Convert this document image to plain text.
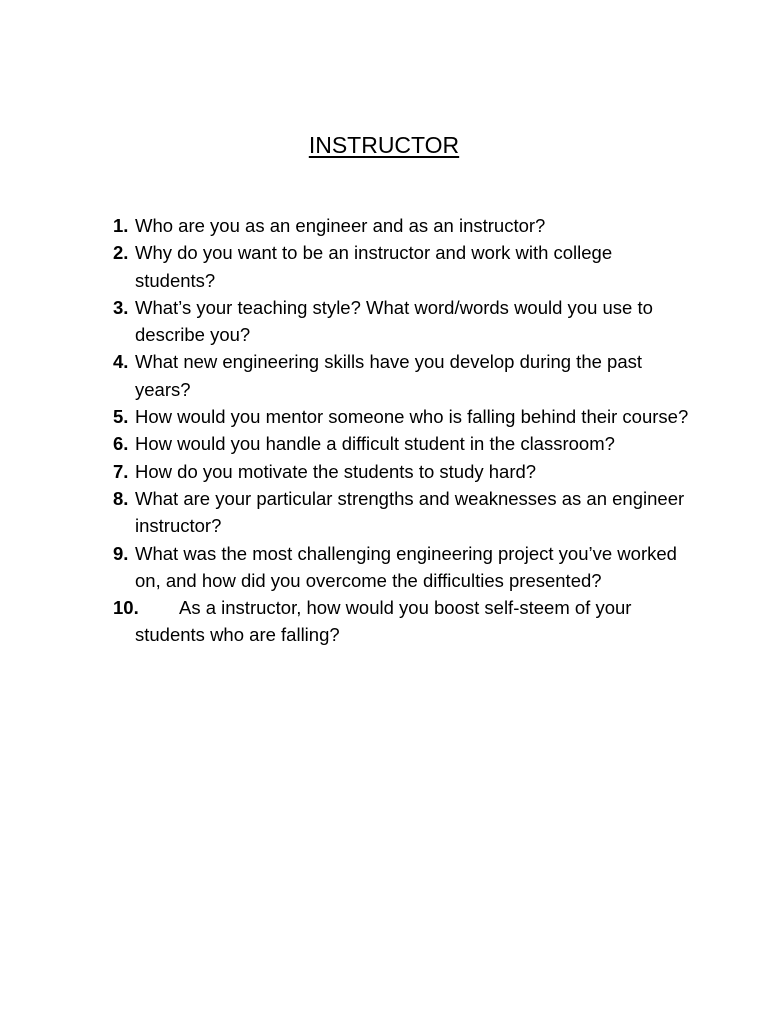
INSTRUCTOR
1. Who are you as an engineer and as an instructor?
2. Why do you want to be an instructor and work with college students?
3. What’s your teaching style? What word/words would you use to describe you?
4. What new engineering skills have you develop during the past years?
5. How would you mentor someone who is falling behind their course?
6. How would you handle a difficult student in the classroom?
7. How do you motivate the students to study hard?
8. What are your particular strengths and weaknesses as an engineer instructor?
9. What was the most challenging engineering project you’ve worked on, and how did you overcome the difficulties presented?
10.	As a instructor, how would you boost self-steem of your students who are falling?
